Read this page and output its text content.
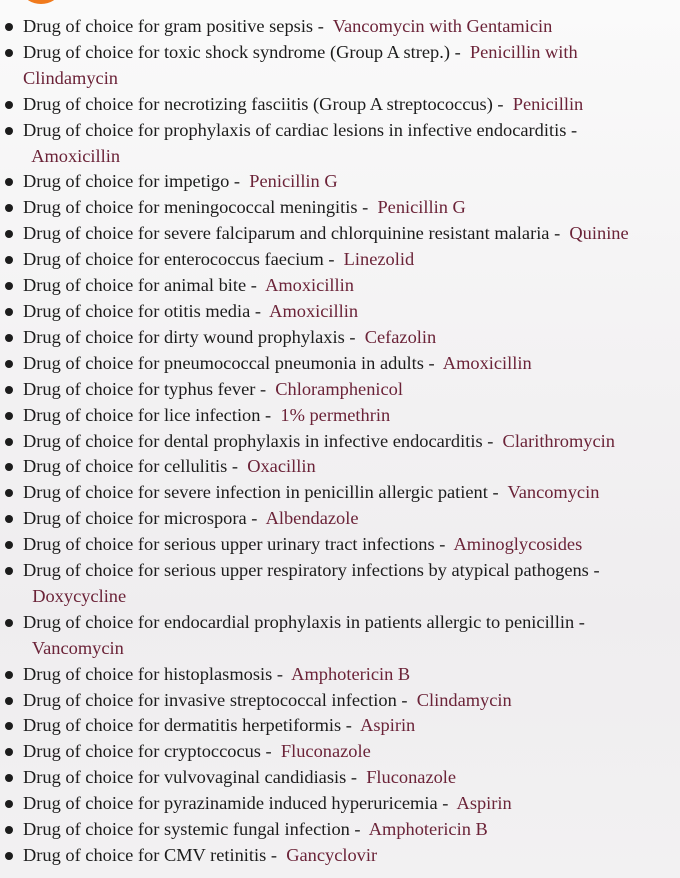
Drug of choice for gram positive sepsis - Vancomycin with Gentamicin
Drug of choice for toxic shock syndrome (Group A strep.) - Penicillin with Clindamycin
Drug of choice for necrotizing fasciitis (Group A streptococcus) - Penicillin
Drug of choice for prophylaxis of cardiac lesions in infective endocarditis -  Amoxicillin
Drug of choice for impetigo - Penicillin G
Drug of choice for meningococcal meningitis - Penicillin G
Drug of choice for severe falciparum and chlorquinine resistant malaria - Quinine
Drug of choice for enterococcus faecium - Linezolid
Drug of choice for animal bite - Amoxicillin
Drug of choice for otitis media - Amoxicillin
Drug of choice for dirty wound prophylaxis - Cefazolin
Drug of choice for pneumococcal pneumonia in adults - Amoxicillin
Drug of choice for typhus fever - Chloramphenicol
Drug of choice for lice infection - 1% permethrin
Drug of choice for dental prophylaxis in infective endocarditis - Clarithromycin
Drug of choice for cellulitis - Oxacillin
Drug of choice for severe infection in penicillin allergic patient - Vancomycin
Drug of choice for microspora - Albendazole
Drug of choice for serious upper urinary tract infections - Aminoglycosides
Drug of choice for serious upper respiratory infections by atypical pathogens -  Doxycycline
Drug of choice for endocardial prophylaxis in patients allergic to penicillin -  Vancomycin
Drug of choice for histoplasmosis - Amphotericin B
Drug of choice for invasive streptococcal infection - Clindamycin
Drug of choice for dermatitis herpetiformis - Aspirin
Drug of choice for cryptoccocus - Fluconazole
Drug of choice for vulvovaginal candidiasis - Fluconazole
Drug of choice for pyrazinamide induced hyperuricemia - Aspirin
Drug of choice for systemic fungal infection - Amphotericin B
Drug of choice for CMV retinitis - Gancyclovir
